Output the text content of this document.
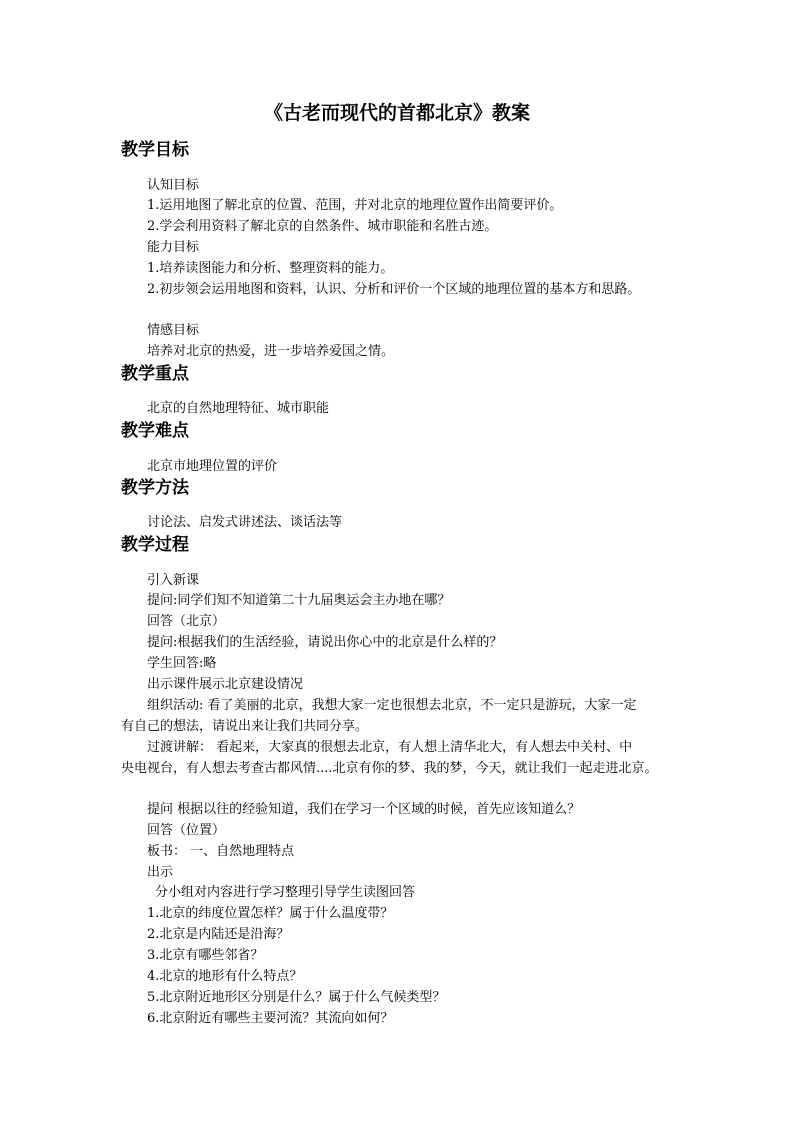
《古老而现代的首都北京》教案
教学目标

认知目标

1.运用地图了解北京的位置、范围，并对北京的地理位置作出简要评价。

2.学会利用资料了解北京的自然条件、城市职能和名胜古迹。

能力目标

1.培养读图能力和分析、整理资料的能力。

2.初步领会运用地图和资料，认识、分析和评价一个区域的地理位置的基本方和思路。

情感目标

培养对北京的热爱，进一步培养爱国之情。

教学重点

北京的自然地理特征、城市职能

教学难点

北京市地理位置的评价

教学方法

讨论法、启发式讲述法、谈话法等

教学过程

引入新课

提问:同学们知不知道第二十九届奥运会主办地在哪？

回答（北京）

提问:根据我们的生活经验，请说出你心中的北京是什么样的？

学生回答:略

出示课件展示北京建设情况

组织活动: 看了美丽的北京，我想大家一定也很想去北京，不一定只是游玩，大家一定

有自己的想法，请说出来让我们共同分享。

过渡讲解： 看起来，大家真的很想去北京，有人想上清华北大，有人想去中关村、中

央电视台，有人想去考查古都风情....北京有你的梦、我的梦，今天，就让我们一起走进北京。

提问 根据以往的经验知道，我们在学习一个区域的时候，首先应该知道么？

回答（位置）

板书： 一、自然地理特点

出示

分小组对内容进行学习整理引导学生读图回答

1.北京的纬度位置怎样？属于什么温度带？

2.北京是内陆还是沿海？

3.北京有哪些邻省？

4.北京的地形有什么特点？

5.北京附近地形区分别是什么？属于什么气候类型？

6.北京附近有哪些主要河流？其流向如何？
